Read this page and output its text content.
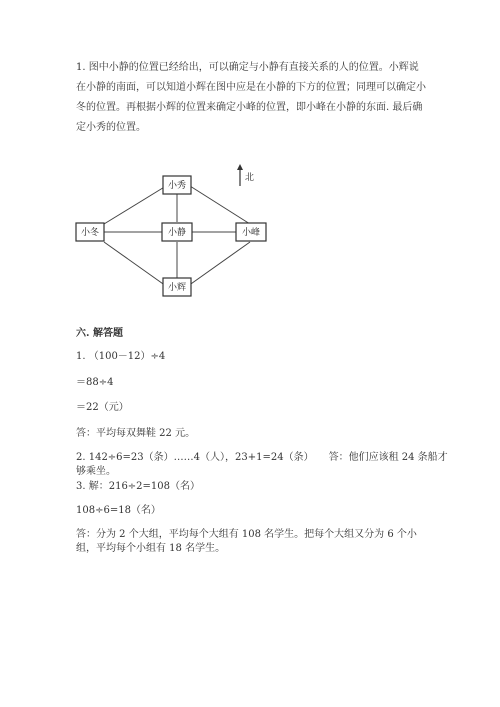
1. 图中小静的位置已经给出，可以确定与小静有直接关系的人的位置。小辉说在小静的南面，可以知道小辉在图中应是在小静的下方的位置；同理可以确定小冬的位置。再根据小辉的位置来确定小峰的位置，即小峰在小静的东面. 最后确定小秀的位置。

小秀
小冬	小静	小峰
小辉
北

六. 解答题

1. （100－12）÷4

＝88÷4

＝22（元）

答：平均每双舞鞋 22 元。

2. 142÷6=23（条）……4（人），23+1=24（条）　　答：他们应该租 24 条船才

够乘坐。

3. 解：216÷2=108（名）

108÷6=18（名）

答：分为 2 个大组，平均每个大组有 108 名学生。把每个大组又分为 6 个小

组，平均每个小组有 18 名学生。
